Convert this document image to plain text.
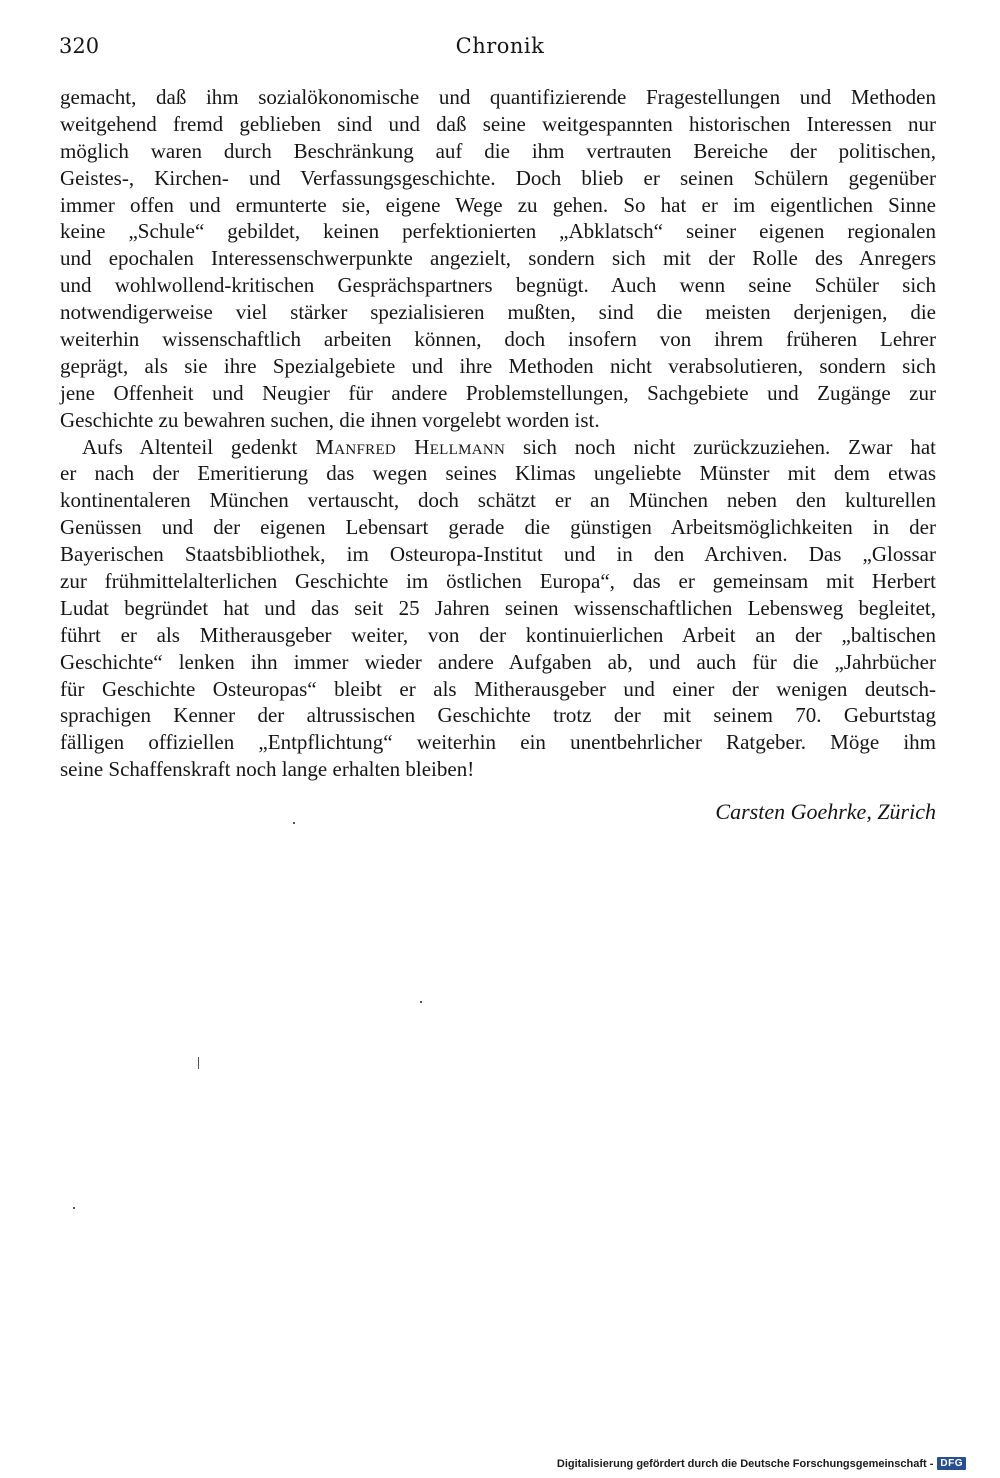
320	Chronik
gemacht, daß ihm sozialökonomische und quantifizierende Fragestellungen und Methoden
weitgehend fremd geblieben sind und daß seine weitgespannten historischen Interessen nur
möglich waren durch Beschränkung auf die ihm vertrauten Bereiche der politischen,
Geistes-, Kirchen- und Verfassungsgeschichte. Doch blieb er seinen Schülern gegenüber
immer offen und ermunterte sie, eigene Wege zu gehen. So hat er im eigentlichen Sinne
keine „Schule“ gebildet, keinen perfektionierten „Abklatsch“ seiner eigenen regionalen
und epochalen Interessenschwerpunkte angezielt, sondern sich mit der Rolle des Anregers
und wohlwollend-kritischen Gesprächspartners begnügt. Auch wenn seine Schüler sich
notwendigerweise viel stärker spezialisieren mußten, sind die meisten derjenigen, die
weiterhin wissenschaftlich arbeiten können, doch insofern von ihrem früheren Lehrer
geprägt, als sie ihre Spezialgebiete und ihre Methoden nicht verabsolutieren, sondern sich
jene Offenheit und Neugier für andere Problemstellungen, Sachgebiete und Zugänge zur
Geschichte zu bewahren suchen, die ihnen vorgelebt worden ist.
Aufs Altenteil gedenkt Manfred Hellmann sich noch nicht zurückzuziehen. Zwar hat
er nach der Emeritierung das wegen seines Klimas ungeliebte Münster mit dem etwas
kontinentaleren München vertauscht, doch schätzt er an München neben den kulturellen
Genüssen und der eigenen Lebensart gerade die günstigen Arbeitsmöglichkeiten in der
Bayerischen Staatsbibliothek, im Osteuropa-Institut und in den Archiven. Das „Glossar
zur frühmittelalterlichen Geschichte im östlichen Europa“, das er gemeinsam mit Herbert
Ludat begründet hat und das seit 25 Jahren seinen wissenschaftlichen Lebensweg begleitet,
führt er als Mitherausgeber weiter, von der kontinuierlichen Arbeit an der „baltischen
Geschichte“ lenken ihn immer wieder andere Aufgaben ab, und auch für die „Jahrbücher
für Geschichte Osteuropas“ bleibt er als Mitherausgeber und einer der wenigen deutsch-
sprachigen Kenner der altrussischen Geschichte trotz der mit seinem 70. Geburtstag
fälligen offiziellen „Entpflichtung“ weiterhin ein unentbehrlicher Ratgeber. Möge ihm
seine Schaffenskraft noch lange erhalten bleiben!
Carsten Goehrke, Zürich
Digitalisierung gefördert durch die Deutsche Forschungsgemeinschaft - DFG
